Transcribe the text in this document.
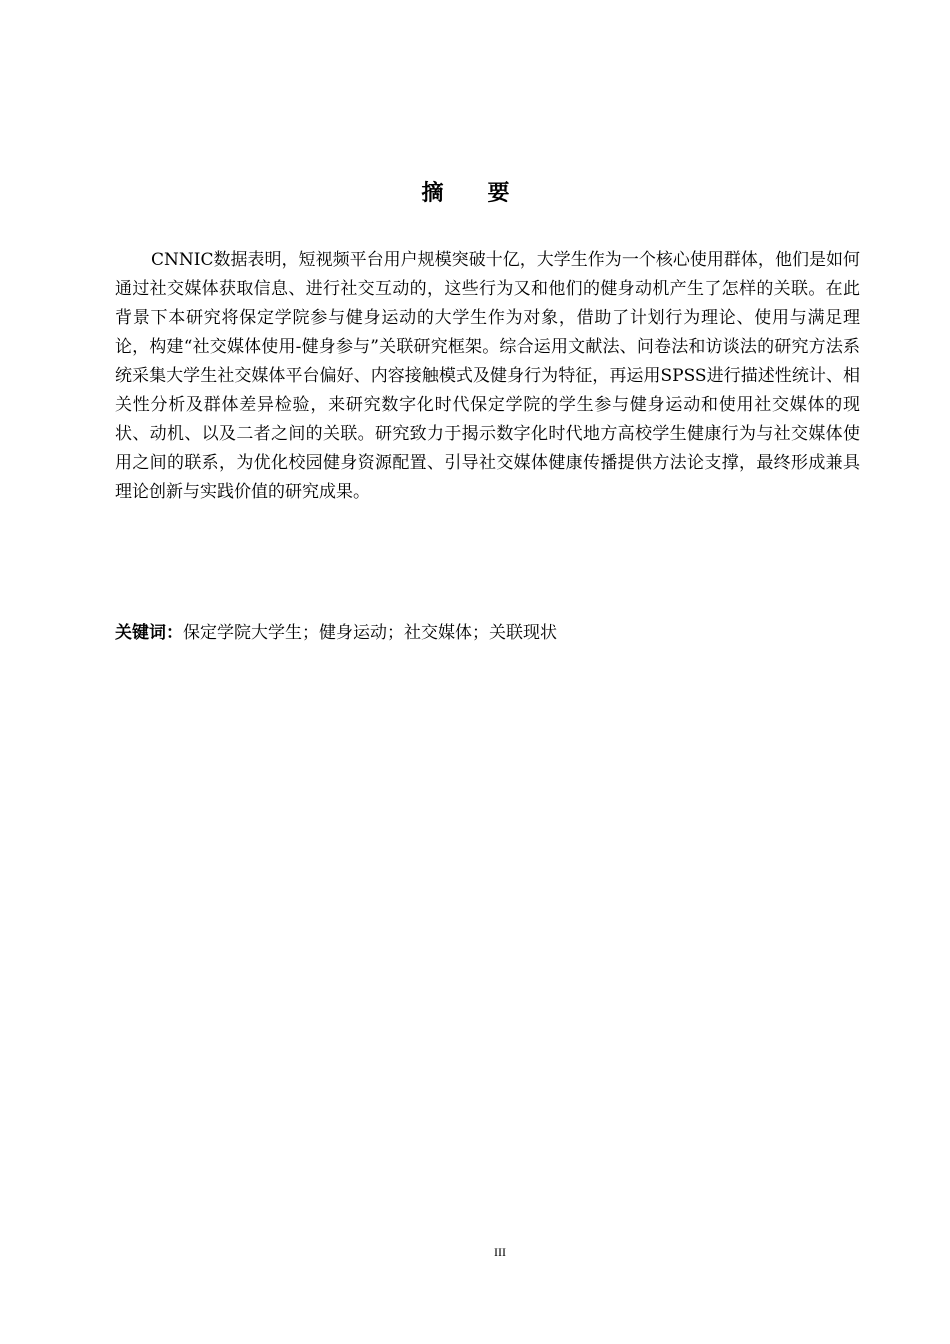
摘要

CNNIC数据表明，短视频平台用户规模突破十亿，大学生作为一个核心使用群体，他们是如何通过社交媒体获取信息、进行社交互动的，这些行为又和他们的健身动机产生了怎样的关联。在此背景下本研究将保定学院参与健身运动的大学生作为对象，借助了计划行为理论、使用与满足理论，构建“社交媒体使用-健身参与”关联研究框架。综合运用文献法、问卷法和访谈法的研究方法系统采集大学生社交媒体平台偏好、内容接触模式及健身行为特征，再运用SPSS进行描述性统计、相关性分析及群体差异检验，来研究数字化时代保定学院的学生参与健身运动和使用社交媒体的现状、动机、以及二者之间的关联。研究致力于揭示数字化时代地方高校学生健康行为与社交媒体使用之间的联系，为优化校园健身资源配置、引导社交媒体健康传播提供方法论支撑，最终形成兼具理论创新与实践价值的研究成果。

关键词：保定学院大学生；健身运动；社交媒体；关联现状

III
